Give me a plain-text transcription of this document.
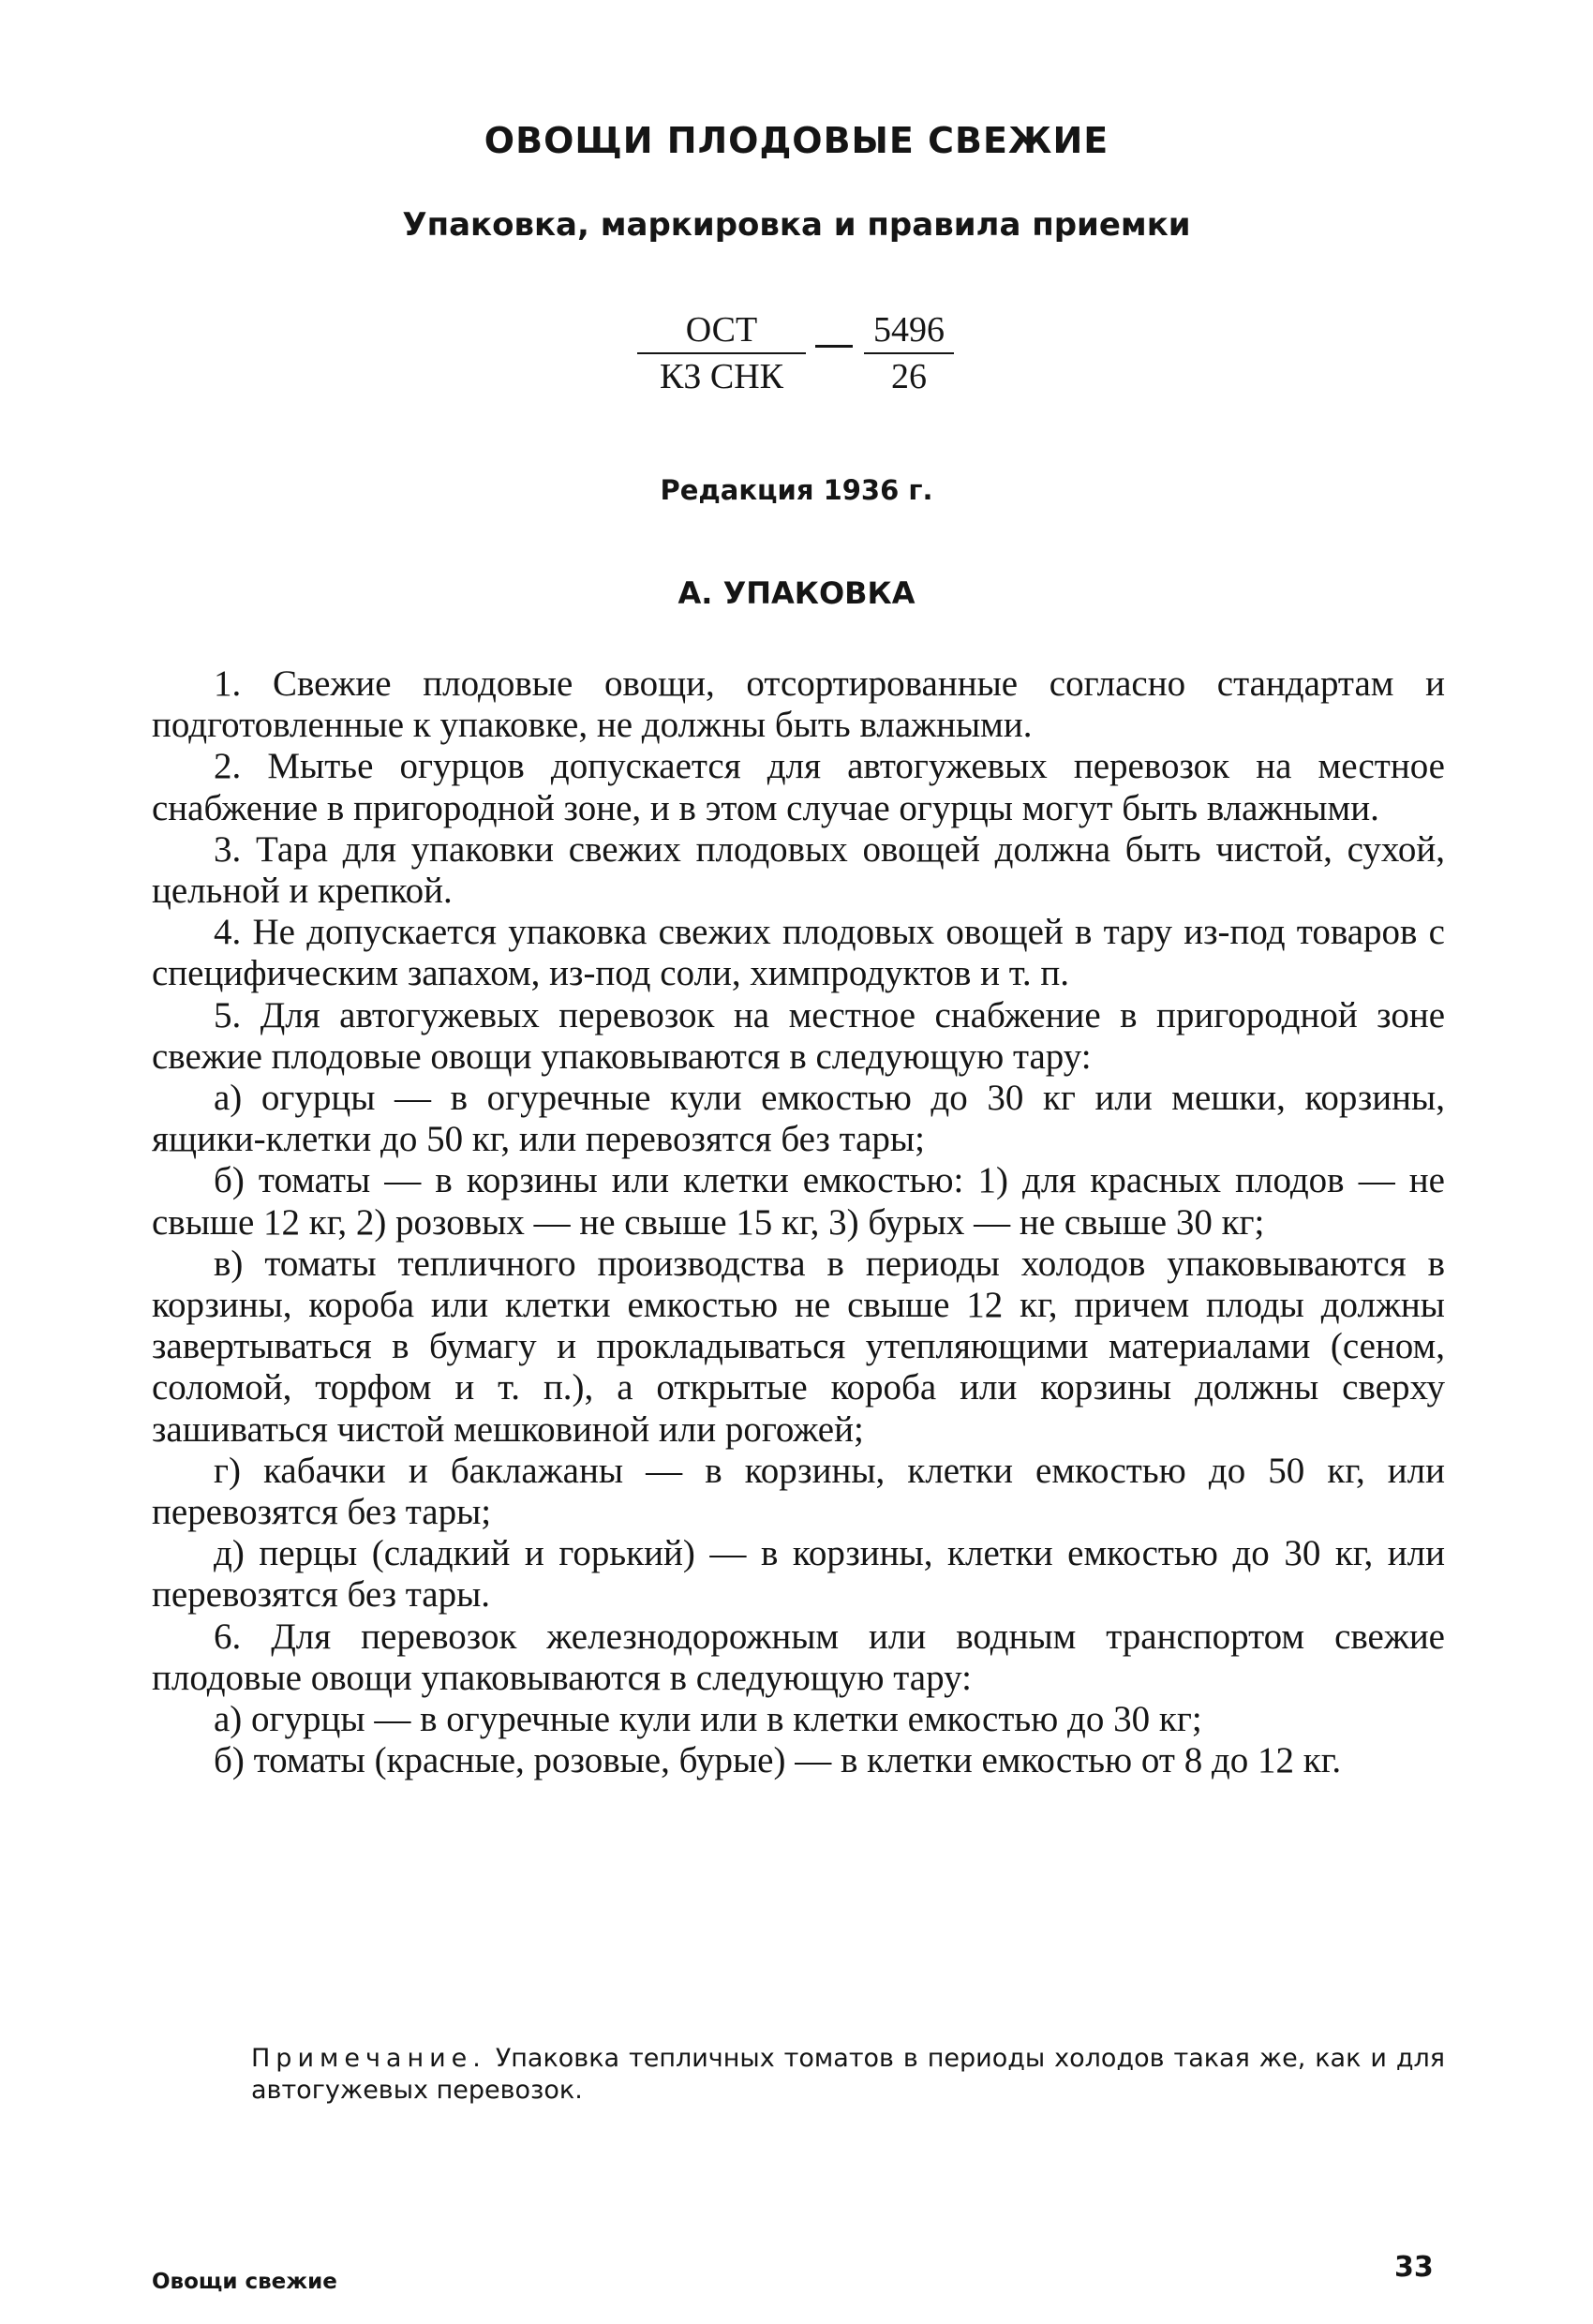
ОВОЩИ ПЛОДОВЫЕ СВЕЖИЕ
Упаковка, маркировка и правила приемки
ОСТ
КЗ СНК	$\frac{5496}{26}$
Редакция 1936 г.
А. УПАКОВКА

1. Свежие плодовые овощи, отсортированные согласно стандартам и подготовленные к упаковке, не должны быть влажными.

2. Мытье огурцов допускается для автогужевых перевозок на местное снабжение в пригородной зоне, и в этом случае огурцы могут быть влажными.

3. Тара для упаковки свежих плодовых овощей должна быть чистой, сухой, цельной и крепкой.

4. Не допускается упаковка свежих плодовых овощей в тару из-под товаров с специфическим запахом, из-под соли, химпродуктов и т. п.

5. Для автогужевых перевозок на местное снабжение в пригородной зоне свежие плодовые овощи упаковываются в следующую тару:

а) огурцы — в огуречные кули емкостью до 30 кг или мешки, корзины, ящики-клетки до 50 кг, или перевозятся без тары;

б) томаты — в корзины или клетки емкостью: 1) для красных плодов — не свыше 12 кг, 2) розовых — не свыше 15 кг, 3) бурых — не свыше 30 кг;

в) томаты тепличного производства в периоды холодов упаковываются в корзины, короба или клетки емкостью не свыше 12 кг, причем плоды должны завертываться в бумагу и прокладываться утепляющими материалами (сеном, соломой, торфом и т. п.), а открытые короба или корзины должны сверху зашиваться чистой мешковиной или рогожей;

г) кабачки и баклажаны — в корзины, клетки емкостью до 50 кг, или перевозятся без тары;

д) перцы (сладкий и горький) — в корзины, клетки емкостью до 30 кг, или перевозятся без тары.

6. Для перевозок железнодорожным или водным транспортом свежие плодовые овощи упаковываются в следующую тару:

а) огурцы — в огуречные кули или в клетки емкостью до 30 кг;

б) томаты (красные, розовые, бурые) — в клетки емкостью от 8 до 12 кг.

Примечание. Упаковка тепличных томатов в периоды холодов такая же, как и для автогужевых перевозок.
Овощи свежие	33
